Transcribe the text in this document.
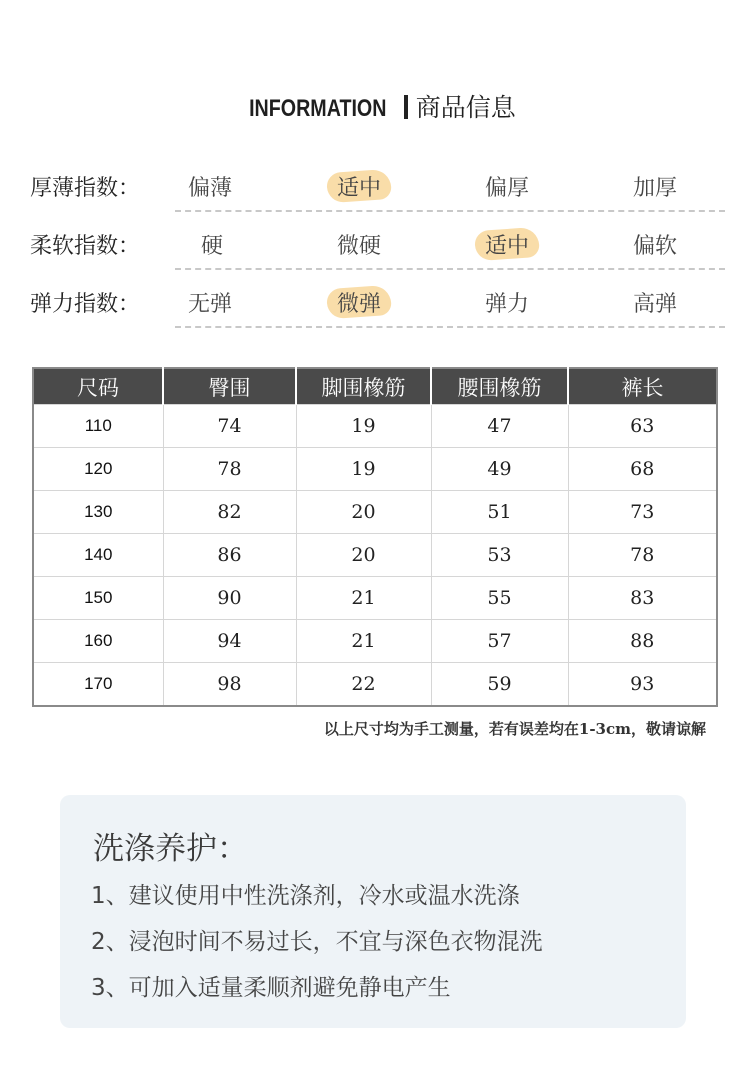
INFORMATION 商品信息
厚薄指数： 偏薄	适中	偏厚	加厚
柔软指数：	硬	微硬	适中	偏软
弹力指数： 无弹	微弹	弹力	高弹
尺码	臀围	脚围橡筋	腰围橡筋	裤长
110	74	19	47	63
120	78	19	49	68
130	82	20	51	73
140	86	20	53	78
150	90	21	55	83
160	94	21	57	88
170	98	22	59	93
以上尺寸均为手工测量，若有误差均在1-3cm，敬请谅解
洗涤养护：
1、建议使用中性洗涤剂，冷水或温水洗涤
2、浸泡时间不易过长，不宜与深色衣物混洗
3、可加入适量柔顺剂避免静电产生
